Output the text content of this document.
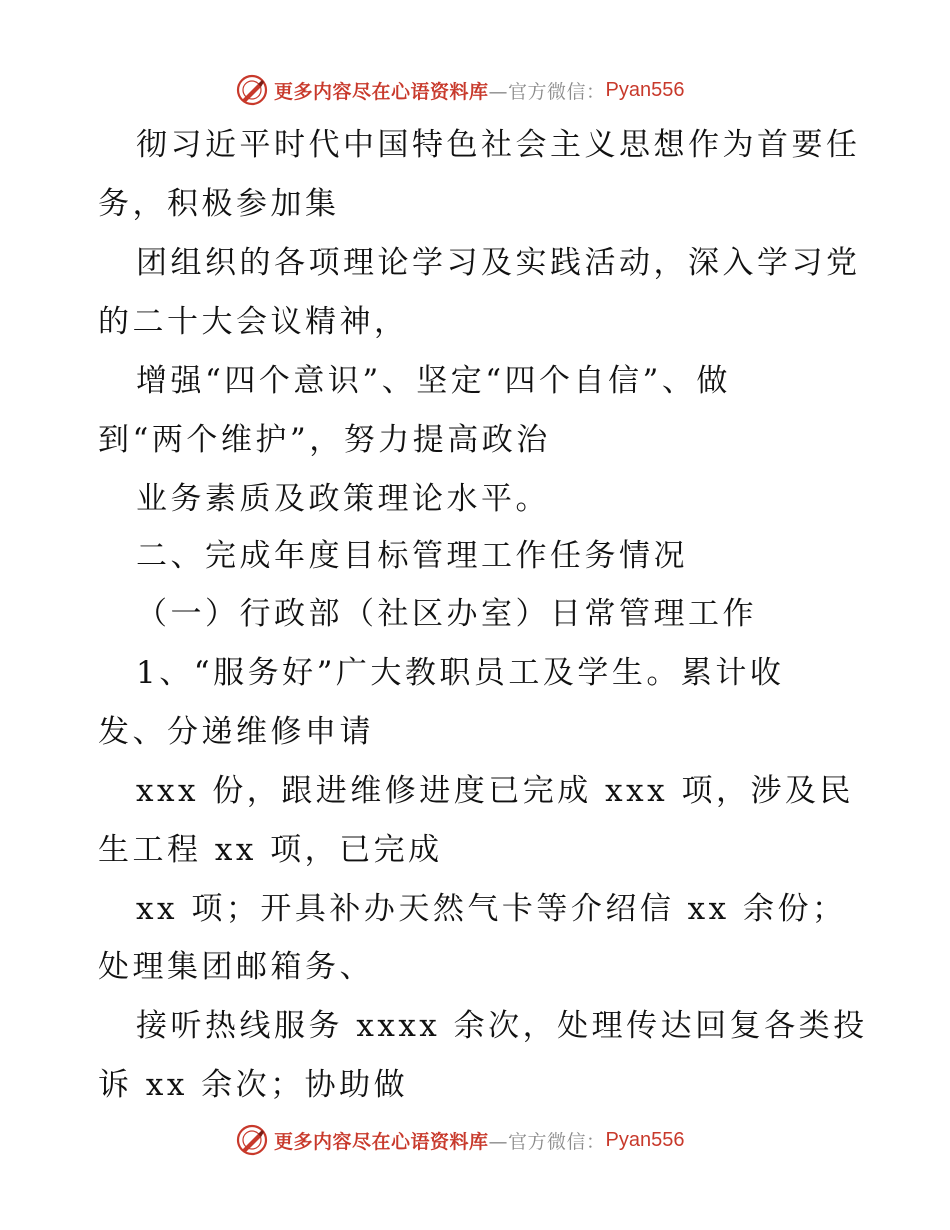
更多内容尽在心语资料库 —官方微信： Pyan556
彻习近平时代中国特色社会主义思想作为首要任
务，积极参加集
团组织的各项理论学习及实践活动，深入学习党
的二十大会议精神，
增强“四个意识”、坚定“四个自信”、做
到“两个维护”，努力提高政治
业务素质及政策理论水平。
二、完成年度目标管理工作任务情况
（一）行政部（社区办室）日常管理工作
1、“服务好”广大教职员工及学生。累计收
发、分递维修申请
xxx 份，跟进维修进度已完成 xxx 项，涉及民
生工程 xx 项，已完成
xx 项；开具补办天然气卡等介绍信 xx 余份；
处理集团邮箱务、
接听热线服务 xxxx 余次，处理传达回复各类投
诉 xx 余次；协助做
更多内容尽在心语资料库 —官方微信： Pyan556
